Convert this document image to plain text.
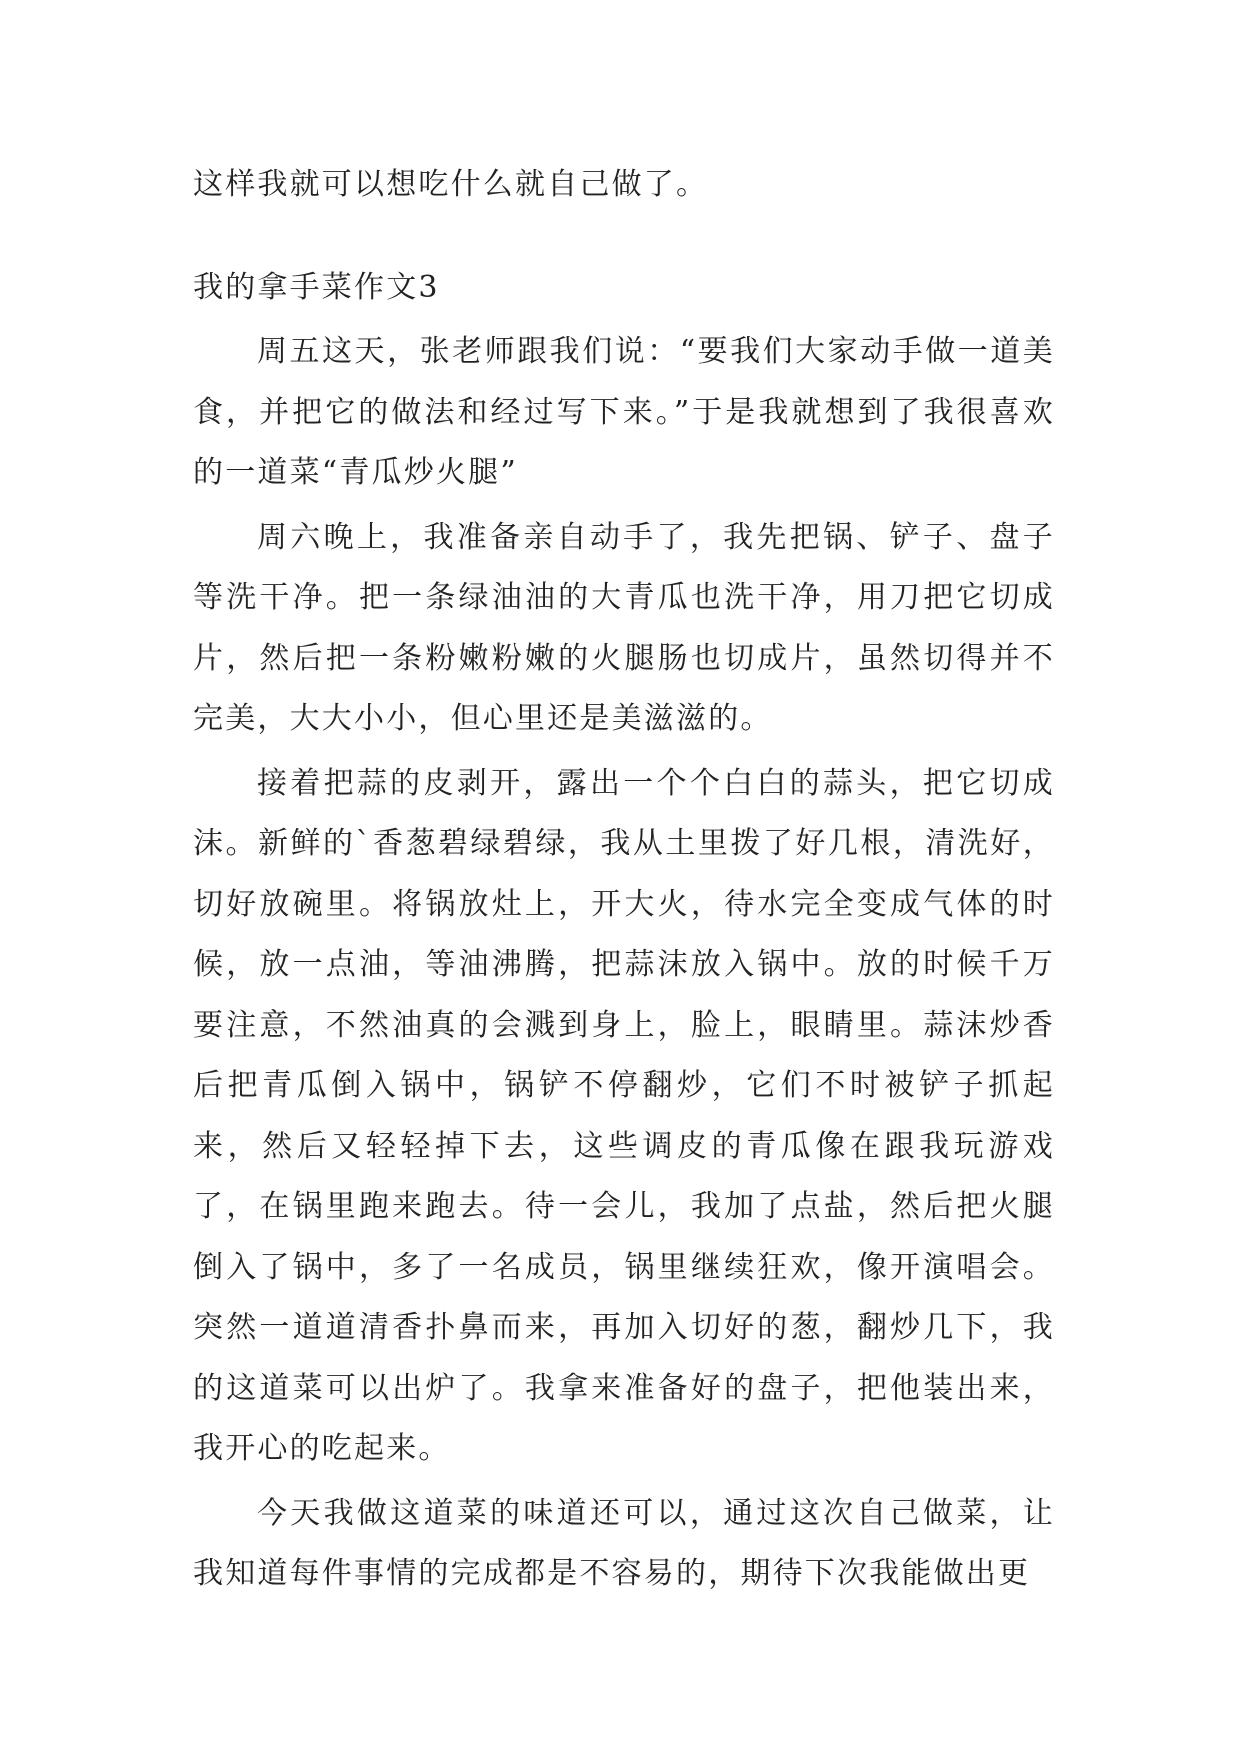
这样我就可以想吃什么就自己做了。

我的拿手菜作文3

周五这天，张老师跟我们说：“要我们大家动手做一道美食，并把它的做法和经过写下来。”于是我就想到了我很喜欢的一道菜“青瓜炒火腿”

周六晚上，我准备亲自动手了，我先把锅、铲子、盘子等洗干净。把一条绿油油的大青瓜也洗干净，用刀把它切成片，然后把一条粉嫩粉嫩的火腿肠也切成片，虽然切得并不完美，大大小小，但心里还是美滋滋的。

接着把蒜的皮剥开，露出一个个白白的蒜头，把它切成沫。新鲜的`香葱碧绿碧绿，我从土里拨了好几根，清洗好，切好放碗里。将锅放灶上，开大火，待水完全变成气体的时候，放一点油，等油沸腾，把蒜沫放入锅中。放的时候千万要注意，不然油真的会溅到身上，脸上，眼睛里。蒜沫炒香后把青瓜倒入锅中，锅铲不停翻炒，它们不时被铲子抓起来，然后又轻轻掉下去，这些调皮的青瓜像在跟我玩游戏了，在锅里跑来跑去。待一会儿，我加了点盐，然后把火腿倒入了锅中，多了一名成员，锅里继续狂欢，像开演唱会。突然一道道清香扑鼻而来，再加入切好的葱，翻炒几下，我的这道菜可以出炉了。我拿来准备好的盘子，把他装出来，我开心的吃起来。

今天我做这道菜的味道还可以，通过这次自己做菜，让我知道每件事情的完成都是不容易的，期待下次我能做出更
